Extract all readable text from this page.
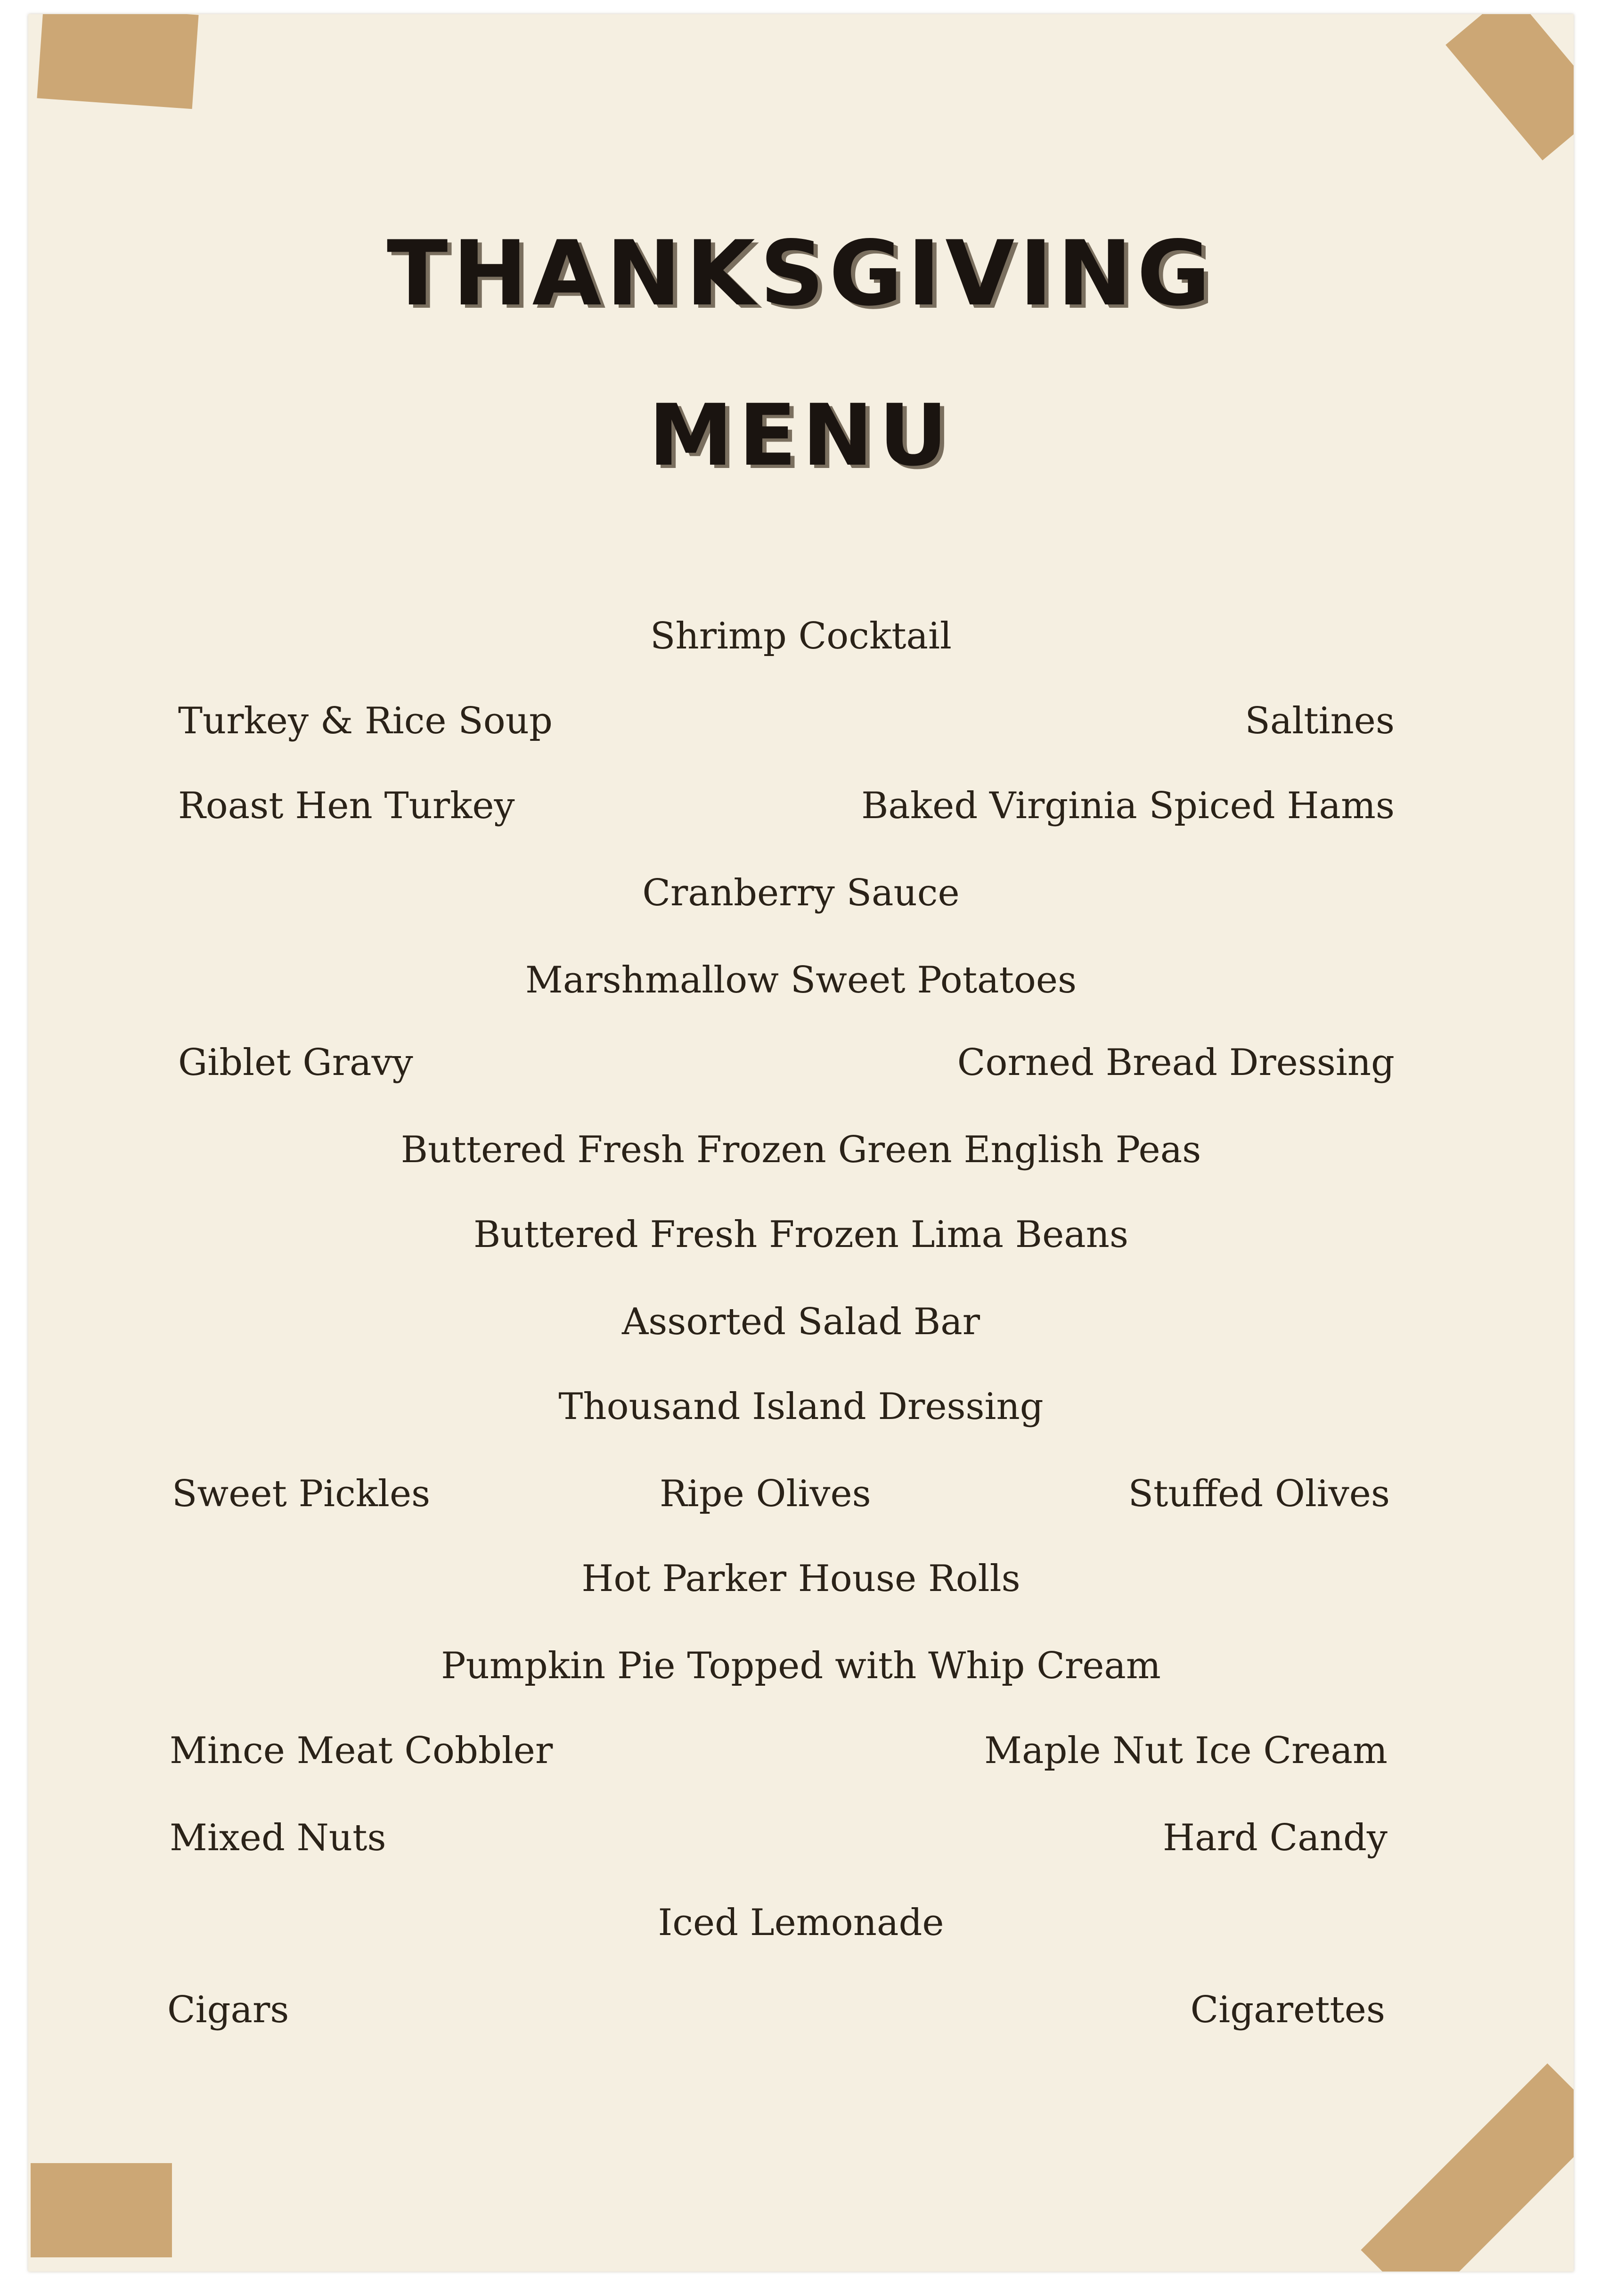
THANKSGIVING
MENU
Shrimp Cocktail
Turkey & Rice Soup	Saltines
Roast Hen Turkey	Baked Virginia Spiced Hams
Cranberry Sauce
Marshmallow Sweet Potatoes
Giblet Gravy	Corned Bread Dressing
Buttered Fresh Frozen Green English Peas
Buttered Fresh Frozen Lima Beans
Assorted Salad Bar
Thousand Island Dressing
Sweet Pickles	Ripe Olives	Stuffed Olives
Hot Parker House Rolls
Pumpkin Pie Topped with Whip Cream
Mince Meat Cobbler	Maple Nut Ice Cream
Mixed Nuts	Hard Candy
Iced Lemonade
Cigars	Cigarettes
